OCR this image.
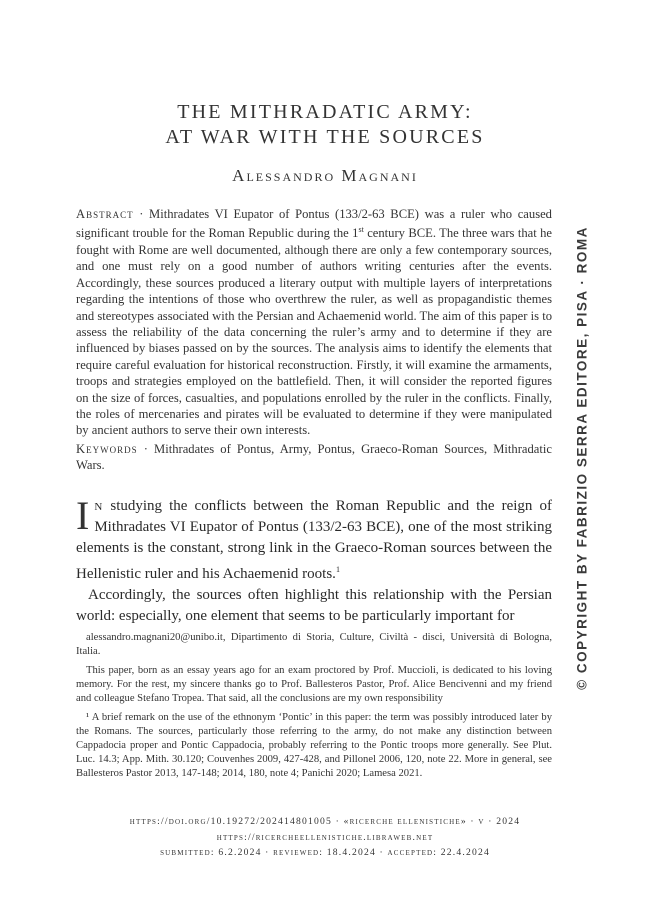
THE MITHRADATIC ARMY:
AT WAR WITH THE SOURCES
Alessandro Magnani
Abstract · Mithradates VI Eupator of Pontus (133/2-63 BCE) was a ruler who caused significant trouble for the Roman Republic during the 1st century BCE. The three wars that he fought with Rome are well documented, although there are only a few contemporary sources, and one must rely on a good number of authors writing centuries after the events. Accordingly, these sources produced a literary output with multiple layers of interpretations regarding the intentions of those who overthrew the ruler, as well as propagandistic themes and stereotypes associated with the Persian and Achaemenid world. The aim of this paper is to assess the reliability of the data concerning the ruler’s army and to determine if they are influenced by biases passed on by the sources. The analysis aims to identify the elements that require careful evaluation for historical reconstruction. Firstly, it will examine the armaments, troops and strategies employed on the battlefield. Then, it will consider the reported figures on the size of forces, casualties, and populations enrolled by the ruler in the conflicts. Finally, the roles of mercenaries and pirates will be evaluated to determine if they were manipulated by ancient authors to serve their own interests.
Keywords · Mithradates of Pontus, Army, Pontus, Graeco-Roman Sources, Mithradatic Wars.

In studying the conflicts between the Roman Republic and the reign of Mithradates VI Eupator of Pontus (133/2-63 BCE), one of the most striking elements is the constant, strong link in the Graeco-Roman sources between the Hellenistic ruler and his Achaemenid roots.$^1$

Accordingly, the sources often highlight this relationship with the Persian world: especially, one element that seems to be particularly important for

alessandro.magnani20@unibo.it, Dipartimento di Storia, Culture, Civiltà - disci, Università di Bologna, Italia.

This paper, born as an essay years ago for an exam proctored by Prof. Muccioli, is dedicated to his loving memory. For the rest, my sincere thanks go to Prof. Ballesteros Pastor, Prof. Alice Bencivenni and my friend and colleague Stefano Tropea. That said, all the conclusions are my own responsibility

¹ A brief remark on the use of the ethnonym ‘Pontic’ in this paper: the term was possibly introduced later by the Romans. The sources, particularly those referring to the army, do not make any distinction between Cappadocia proper and Pontic Cappadocia, probably referring to the Pontic troops more generally. See Plut. Luc. 14.3; App. Mith. 30.120; Couvenhes 2009, 427-428, and Pillonel 2006, 120, note 22. More in general, see Ballesteros Pastor 2013, 147-148; 2014, 180, note 4; Panichi 2020; Lamesa 2021.

https://doi.org/10.19272/202414801005 · «ricerche ellenistiche» · v · 2024
https://ricercheellenistiche.libraweb.net
submitted: 6.2.2024 · reviewed: 18.4.2024 · accepted: 22.4.2024
© COPYRIGHT BY FABRIZIO SERRA EDITORE, PISA · ROMA
